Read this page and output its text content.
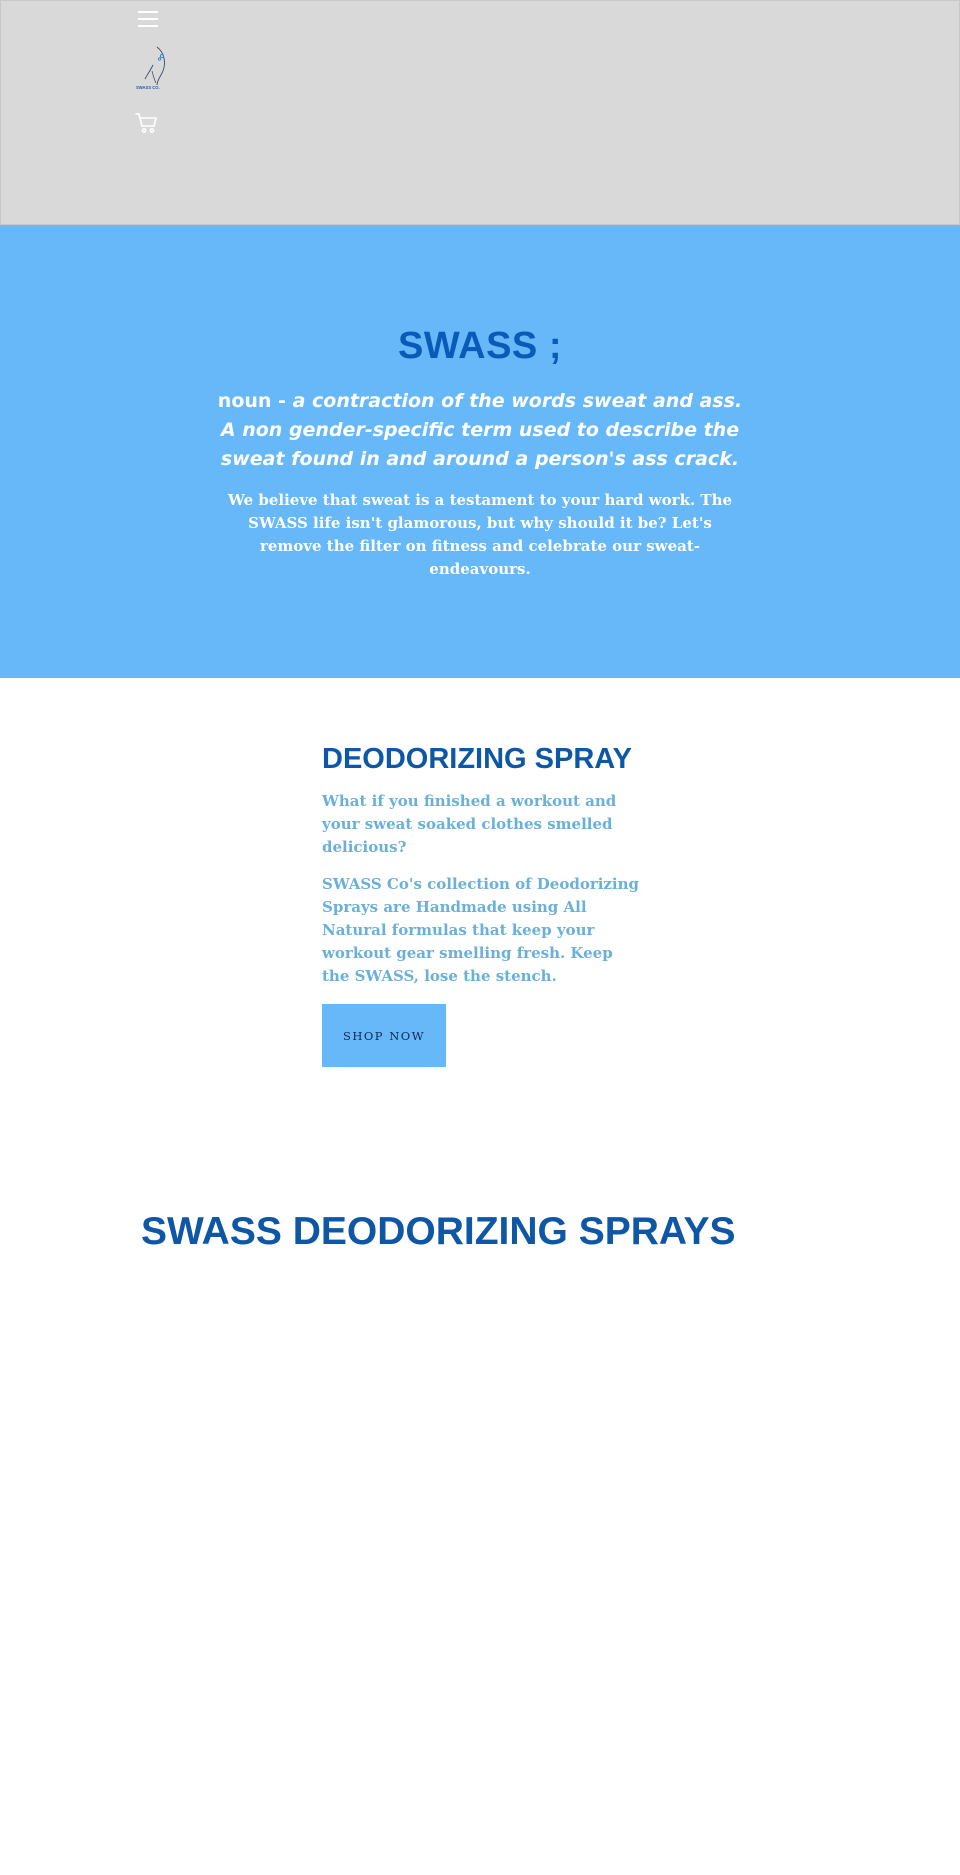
SWASS CO.
SWASS ;

noun - a contraction of the words sweat and ass. A non gender-specific term used to describe the sweat found in and around a person's ass crack.

We believe that sweat is a testament to your hard work. The SWASS life isn't glamorous, but why should it be? Let's remove the filter on fitness and celebrate our sweat-endeavours.

DEODORIZING SPRAY

What if you finished a workout and your sweat soaked clothes smelled delicious?

SWASS Co's collection of Deodorizing Sprays are Handmade using All Natural formulas that keep your workout gear smelling fresh. Keep the SWASS, lose the stench.

SHOP NOW
SWASS DEODORIZING SPRAYS
